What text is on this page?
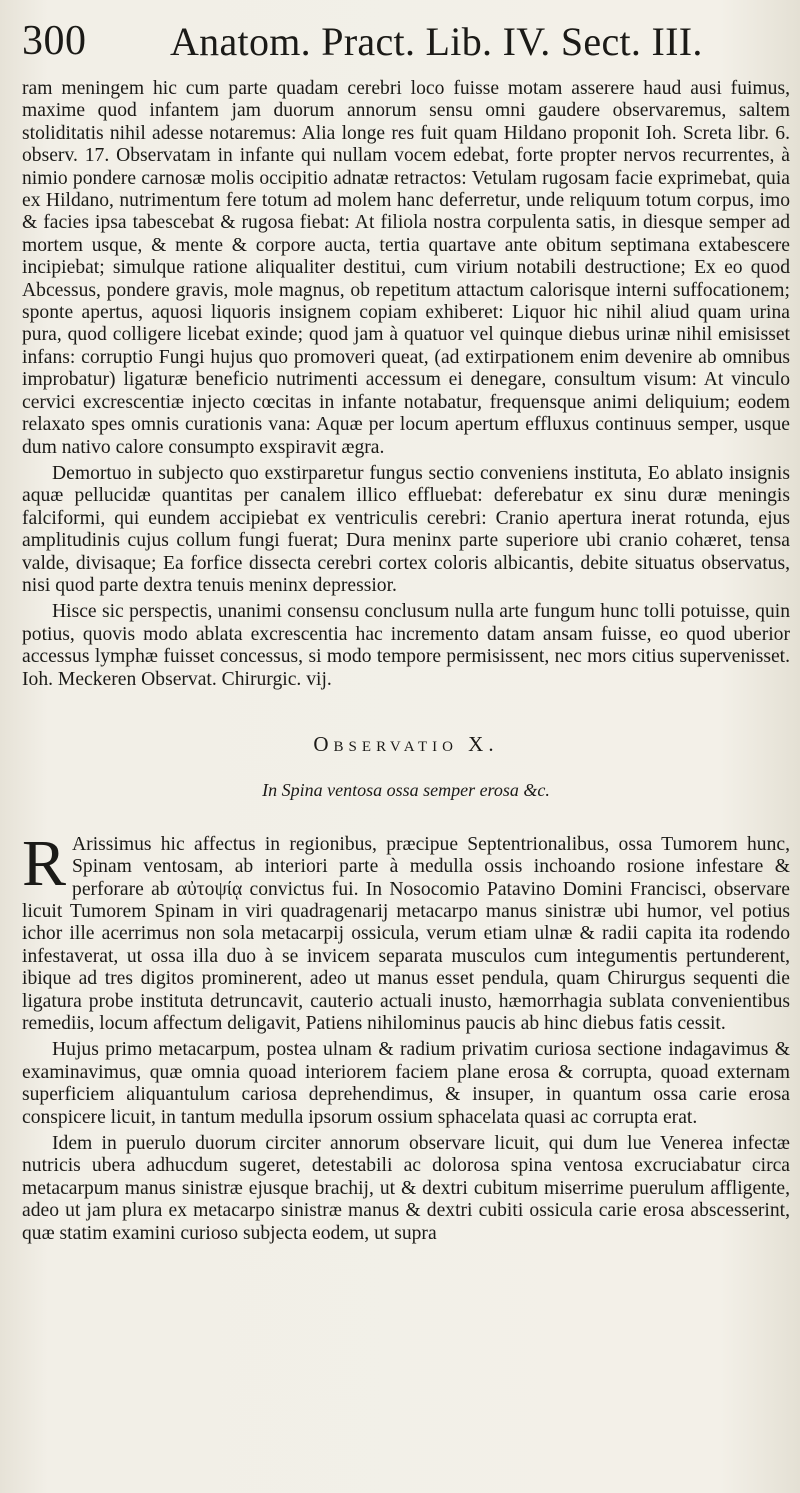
300 Anatom. Pract. Lib. IV. Sect. III.

ram meningem hic cum parte quadam cerebri loco fuisse motam asserere haud ausi fuimus, maxime quod infantem jam duorum annorum sensu omni gaudere observaremus, saltem stoliditatis nihil adesse notaremus: Alia longe res fuit quam Hildano proponit Ioh. Screta libr. 6. observ. 17. Observatam in infante qui nullam vocem edebat, forte propter nervos recurrentes, à nimio pondere carnosæ molis occipitio adnatæ retractos: Vetulam rugosam facie exprimebat, quia ex Hildano, nutrimentum fere totum ad molem hanc deferretur, unde reliquum totum corpus, imo & facies ipsa tabescebat & rugosa fiebat: At filiola nostra corpulenta satis, in diesque semper ad mortem usque, & mente & corpore aucta, tertia quartave ante obitum septimana extabescere incipiebat; simulque ratione aliqualiter destitui, cum virium notabili destructione; Ex eo quod Abcessus, pondere gravis, mole magnus, ob repetitum attactum calorisque interni suffocationem; sponte apertus, aquosi liquoris insignem copiam exhiberet: Liquor hic nihil aliud quam urina pura, quod colligere licebat exinde; quod jam à quatuor vel quinque diebus urinæ nihil emisisset infans: corruptio Fungi hujus quo promoveri queat, (ad extirpationem enim devenire ab omnibus improbatur) ligaturæ beneficio nutrimenti accessum ei denegare, consultum visum: At vinculo cervici excrescentiæ injecto cœcitas in infante notabatur, frequensque animi deliquium; eodem relaxato spes omnis curationis vana: Aquæ per locum apertum effluxus continuus semper, usque dum nativo calore consumpto exspiravit ægra.

Demortuo in subjecto quo exstirparetur fungus sectio conveniens instituta, Eo ablato insignis aquæ pellucidæ quantitas per canalem illico effluebat: deferebatur ex sinu duræ meningis falciformi, qui eundem accipiebat ex ventriculis cerebri: Cranio apertura inerat rotunda, ejus amplitudinis cujus collum fungi fuerat; Dura meninx parte superiore ubi cranio cohæret, tensa valde, divisaque; Ea forfice dissecta cerebri cortex coloris albicantis, debite situatus observatus, nisi quod parte dextra tenuis meninx depressior.

Hisce sic perspectis, unanimi consensu conclusum nulla arte fungum hunc tolli potuisse, quin potius, quovis modo ablata excrescentia hac incremento datam ansam fuisse, eo quod uberior accessus lymphæ fuisset concessus, si modo tempore permisissent, nec mors citius supervenisset. Ioh. Meckeren Observat. Chirurgic. vij.

Observatio X.
In Spina ventosa ossa semper erosa &c.

R Arissimus hic affectus in regionibus, præcipue Septentrionalibus, ossa Tumorem hunc, Spinam ventosam, ab interiori parte à medulla ossis inchoando rosione infestare & perforare ab αὐτοψίᾳ convictus fui. In Nosocomio Patavino Domini Francisci, observare licuit Tumorem Spinam in viri quadragenarij metacarpo manus sinistræ ubi humor, vel potius ichor ille acerrimus non sola metacarpij ossicula, verum etiam ulnæ & radii capita ita rodendo infestaverat, ut ossa illa duo à se invicem separata musculos cum integumentis pertunderent, ibique ad tres digitos prominerent, adeo ut manus esset pendula, quam Chirurgus sequenti die ligatura probe instituta detruncavit, cauterio actuali inusto, hæmorrhagia sublata convenientibus remediis, locum affectum deligavit, Patiens nihilominus paucis ab hinc diebus fatis cessit.

Hujus primo metacarpum, postea ulnam & radium privatim curiosa sectione indagavimus & examinavimus, quæ omnia quoad interiorem faciem plane erosa & corrupta, quoad externam superficiem aliquantulum cariosa deprehendimus, & insuper, in quantum ossa carie erosa conspicere licuit, in tantum medulla ipsorum ossium sphacelata quasi ac corrupta erat.

Idem in puerulo duorum circiter annorum observare licuit, qui dum lue Venerea infectæ nutricis ubera adhucdum sugeret, detestabili ac dolorosa spina ventosa excruciabatur circa metacarpum manus sinistræ ejusque brachij, ut & dextri cubitum miserrime puerulum affligente, adeo ut jam plura ex metacarpo sinistræ manus & dextri cubiti ossicula carie erosa abscesserint, quæ statim examini curioso subjecta eodem, ut supra
